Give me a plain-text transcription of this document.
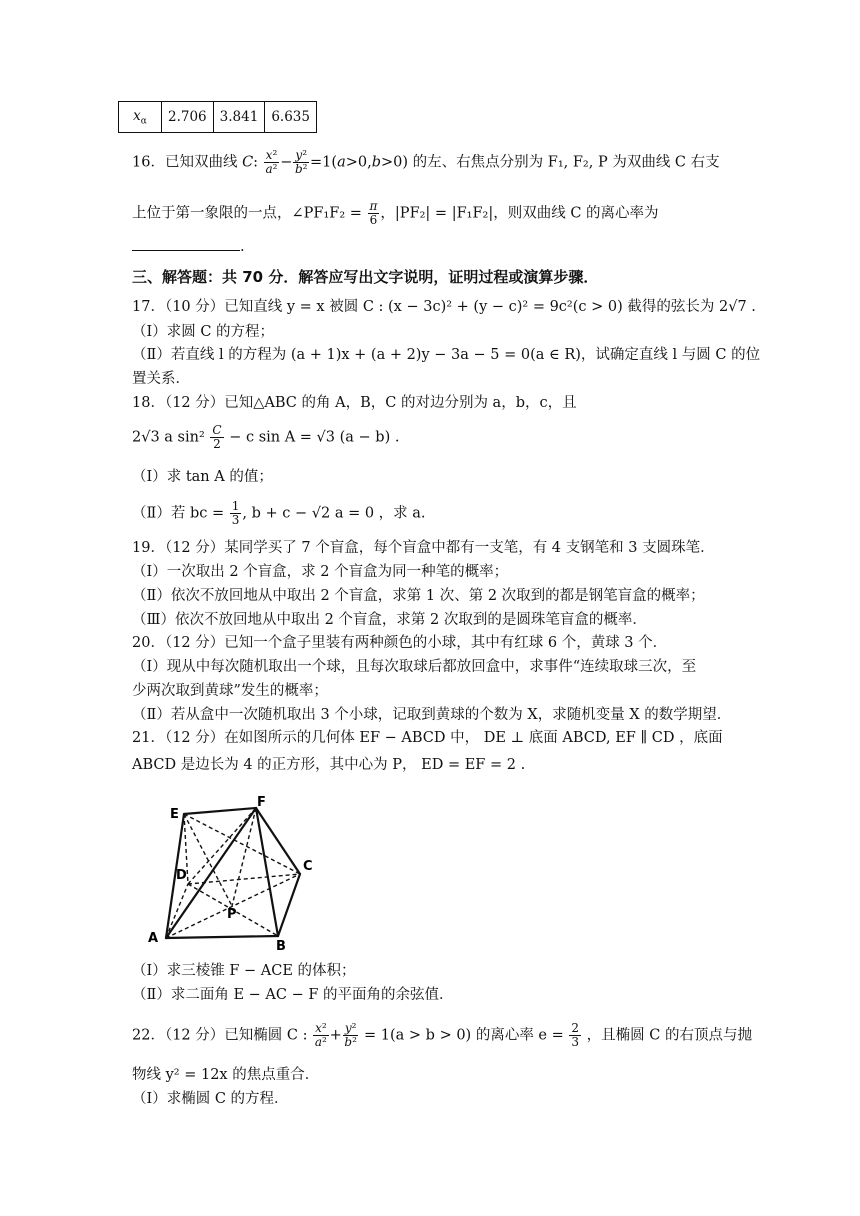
$x_\alpha$	2.706	3.841	6.635
16．已知双曲线 C: $\frac{\text{x²}}{\text{a²}} - \frac{\text{y²}}{\text{b²}} =1(a>0,b>0)$ 的左、右焦点分别为 F₁, F₂, P 为双曲线 C 右支
上位于第一象限的一点，∠PF₁F₂ = $\frac{\pi}{6}$ ，|PF₂| = |F₁F₂|，则双曲线 C 的离心率为
.
三、解答题：共 70 分．解答应写出文字说明，证明过程或演算步骤．
17．（10 分）已知直线 y = x 被圆 C : (x − 3c)² + (y − c)² = 9c²(c > 0) 截得的弦长为 2√7 .
（Ⅰ）求圆 C 的方程；
（Ⅱ）若直线 l 的方程为 (a + 1)x + (a + 2)y − 3a − 5 = 0(a ∈ R)，试确定直线 l 与圆 C 的位
置关系．
18．（12 分）已知△ABC 的角 A，B，C 的对边分别为 a，b，c，且
2√3 a $\sin^2 \frac{C}{2} - c$ sin A = √3 (a − b) .
（Ⅰ）求 tan A 的值；
（Ⅱ）若 bc = $\frac{1}{3}$ , b + c − √2 a = 0 ，求 a.
19．（12 分）某同学买了 7 个盲盒，每个盲盒中都有一支笔，有 4 支钢笔和 3 支圆珠笔．
（Ⅰ）一次取出 2 个盲盒，求 2 个盲盒为同一种笔的概率；
（Ⅱ）依次不放回地从中取出 2 个盲盒，求第 1 次、第 2 次取到的都是钢笔盲盒的概率；
（Ⅲ）依次不放回地从中取出 2 个盲盒，求第 2 次取到的是圆珠笔盲盒的概率．
20．（12 分）已知一个盒子里装有两种颜色的小球，其中有红球 6 个，黄球 3 个．
（Ⅰ）现从中每次随机取出一个球，且每次取球后都放回盒中，求事件“连续取球三次，至
少两次取到黄球”发生的概率；
（Ⅱ）若从盒中一次随机取出 3 个小球，记取到黄球的个数为 X，求随机变量 X 的数学期望．
21．（12 分）在如图所示的几何体 EF − ABCD 中， DE ⊥ 底面 ABCD, EF ∥ CD ，底面
ABCD 是边长为 4 的正方形，其中心为 P， ED = EF = 2 .
E
F
C
D
P
A
B
（Ⅰ）求三棱锥 F − ACE 的体积；
（Ⅱ）求二面角 E − AC − F 的平面角的余弦值．
22．（12 分）已知椭圆 C : $\frac{\text{x²}}{\text{a²}} + \frac{\text{y²}}{\text{b²}} = 1(a > b > 0)$ 的离心率 $e = \frac{2}{3}$ ，且椭圆 C 的右顶点与抛
物线 y² = 12x 的焦点重合．
（Ⅰ）求椭圆 C 的方程．
